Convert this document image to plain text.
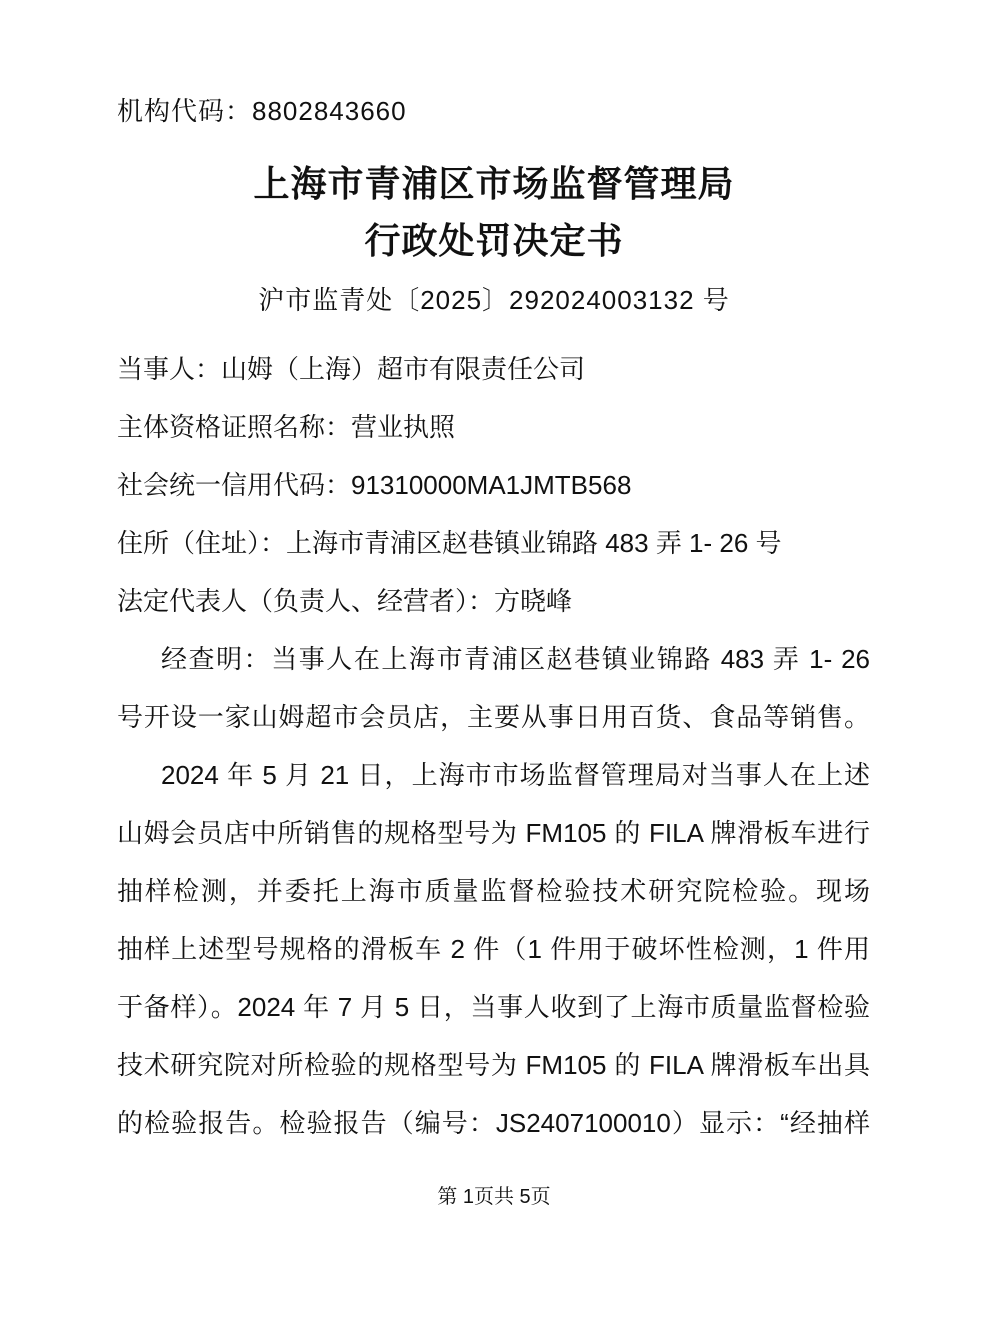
机构代码：8802843660
上海市青浦区市场监督管理局
行政处罚决定书
沪市监青处〔2025〕292024003132 号
当事人：山姆（上海）超市有限责任公司
主体资格证照名称：营业执照
社会统一信用代码：91310000MA1JMTB568
住所（住址）：上海市青浦区赵巷镇业锦路 483 弄 1- 26 号
法定代表人（负责人、经营者）：方晓峰
经查明：当事人在上海市青浦区赵巷镇业锦路 483 弄 1- 26
号开设一家山姆超市会员店，主要从事日用百货、食品等销售。
2024 年 5 月 21 日，上海市市场监督管理局对当事人在上述
山姆会员店中所销售的规格型号为 FM105 的 FILA 牌滑板车进行
抽样检测，并委托上海市质量监督检验技术研究院检验。现场
抽样上述型号规格的滑板车 2 件（1 件用于破坏性检测，1 件用
于备样）。2024 年 7 月 5 日，当事人收到了上海市质量监督检验
技术研究院对所检验的规格型号为 FM105 的 FILA 牌滑板车出具
的检验报告。检验报告（编号：JS2407100010）显示：“经抽样
第 1页共 5页
